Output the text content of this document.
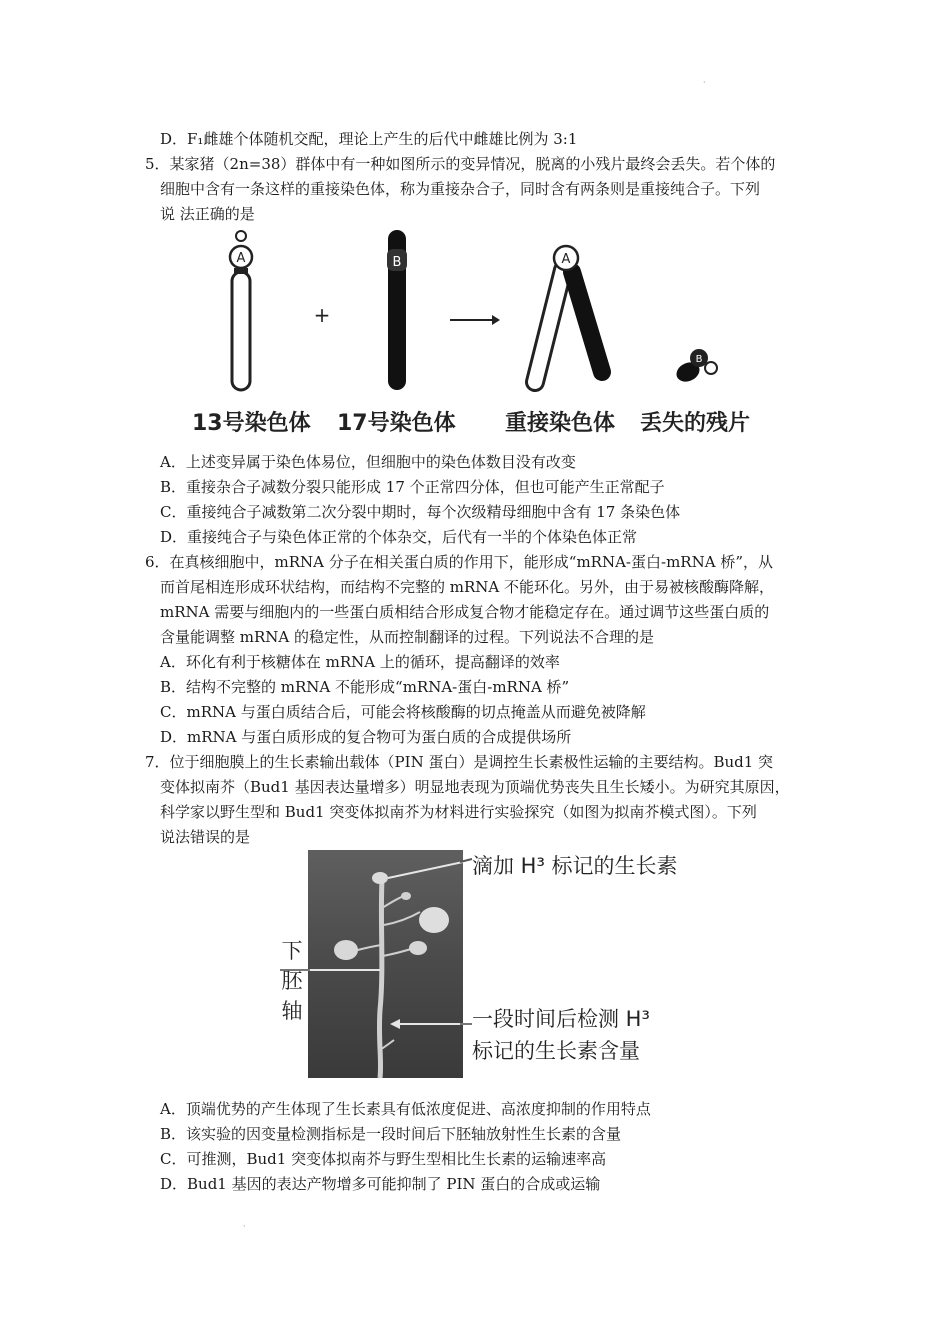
·
·
D．F₁雌雄个体随机交配，理论上产生的后代中雌雄比例为 3:1
5．某家猪（2n=38）群体中有一种如图所示的变异情况，脱离的小残片最终会丢失。若个体的
细胞中含有一条这样的重接染色体，称为重接杂合子，同时含有两条则是重接纯合子。下列
说 法正确的是
A
+
B	A
B
13号染色体 17号染色体 重接染色体 丢失的残片
A．上述变异属于染色体易位，但细胞中的染色体数目没有改变
B．重接杂合子减数分裂只能形成 17 个正常四分体，但也可能产生正常配子
C．重接纯合子减数第二次分裂中期时，每个次级精母细胞中含有 17 条染色体
D．重接纯合子与染色体正常的个体杂交，后代有一半的个体染色体正常
6．在真核细胞中，mRNA 分子在相关蛋白质的作用下，能形成“mRNA-蛋白-mRNA 桥”，从
而首尾相连形成环状结构，而结构不完整的 mRNA 不能环化。另外，由于易被核酸酶降解，
mRNA 需要与细胞内的一些蛋白质相结合形成复合物才能稳定存在。通过调节这些蛋白质的
含量能调整 mRNA 的稳定性，从而控制翻译的过程。下列说法不合理的是
A．环化有利于核糖体在 mRNA 上的循环，提高翻译的效率
B．结构不完整的 mRNA 不能形成“mRNA-蛋白-mRNA 桥”
C．mRNA 与蛋白质结合后，可能会将核酸酶的切点掩盖从而避免被降解
D．mRNA 与蛋白质形成的复合物可为蛋白质的合成提供场所
7．位于细胞膜上的生长素输出载体（PIN 蛋白）是调控生长素极性运输的主要结构。Bud1 突
变体拟南芥（Bud1 基因表达量增多）明显地表现为顶端优势丧失且生长矮小。为研究其原因，
科学家以野生型和 Bud1 突变体拟南芥为材料进行实验探究（如图为拟南芥模式图）。下列
说法错误的是
滴加 H³ 标记的生长素
下
胚
轴	一段时间后检测 H³
标记的生长素含量
A．顶端优势的产生体现了生长素具有低浓度促进、高浓度抑制的作用特点
B．该实验的因变量检测指标是一段时间后下胚轴放射性生长素的含量
C．可推测，Bud1 突变体拟南芥与野生型相比生长素的运输速率高
D．Bud1 基因的表达产物增多可能抑制了 PIN 蛋白的合成或运输
